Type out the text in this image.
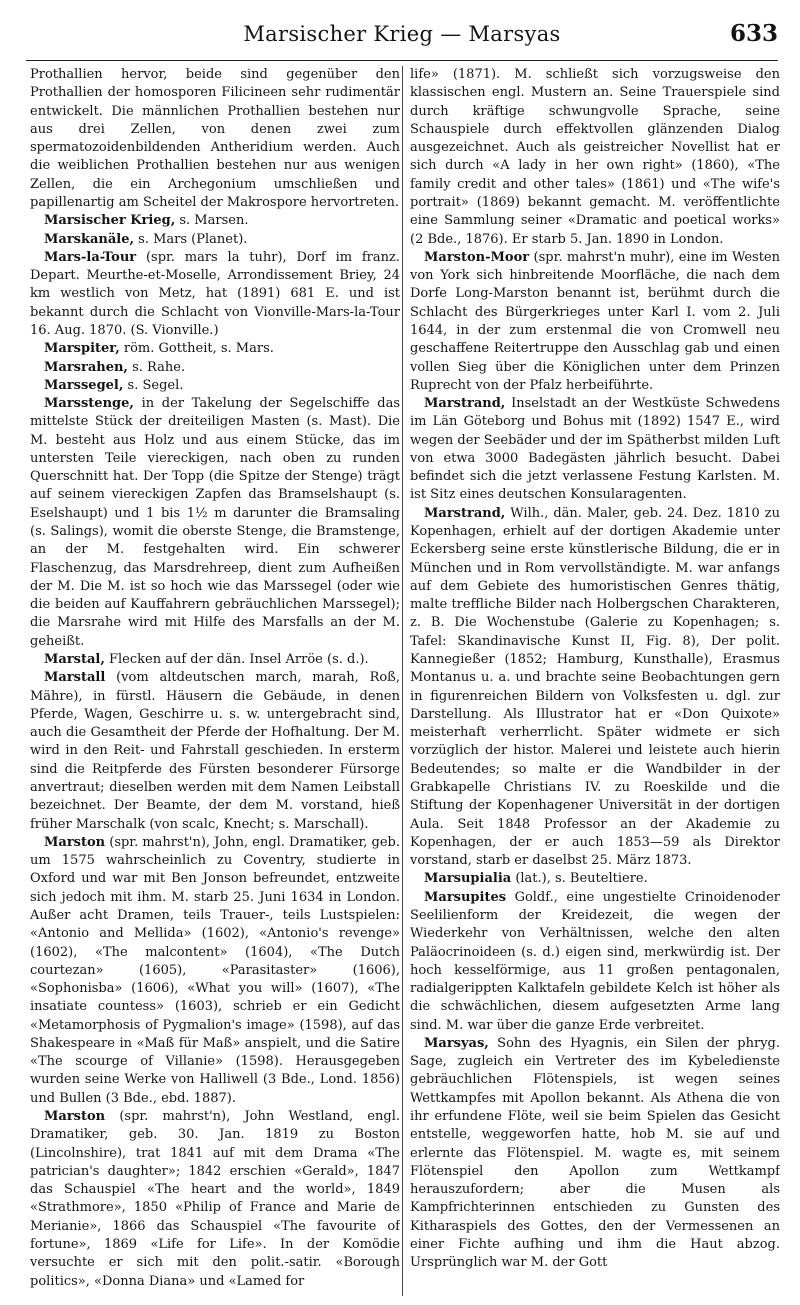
Marsischer Krieg — Marsyas	633

Prothallien hervor, beide sind gegenüber den Prothallien der homosporen Filicineen sehr rudimentär entwickelt. Die männlichen Prothallien bestehen nur aus drei Zellen, von denen zwei zum spermatozoidenbildenden Antheridium werden. Auch die weiblichen Prothallien bestehen nur aus wenigen Zellen, die ein Archegonium umschließen und papillenartig am Scheitel der Makrospore hervortreten.

Marsischer Krieg, s. Marsen.

Marskanäle, s. Mars (Planet).

Mars-la-Tour (spr. mars la tuhr), Dorf im franz. Depart. Meurthe-et-Moselle, Arrondissement Briey, 24 km westlich von Metz, hat (1891) 681 E. und ist bekannt durch die Schlacht von Vionville-Mars-la-Tour 16. Aug. 1870. (S. Vionville.)

Marspiter, röm. Gottheit, s. Mars.

Marsrahen, s. Rahe.

Marssegel, s. Segel.

Marsstenge, in der Takelung der Segelschiffe das mittelste Stück der dreiteiligen Masten (s. Mast). Die M. besteht aus Holz und aus einem Stücke, das im untersten Teile viereckigen, nach oben zu runden Querschnitt hat. Der Topp (die Spitze der Stenge) trägt auf seinem viereckigen Zapfen das Bramselshaupt (s. Eselshaupt) und 1 bis 1½ m darunter die Bramsaling (s. Salings), womit die oberste Stenge, die Bramstenge, an der M. festgehalten wird. Ein schwerer Flaschenzug, das Marsdrehreep, dient zum Aufheißen der M. Die M. ist so hoch wie das Marssegel (oder wie die beiden auf Kauffahrern gebräuchlichen Marssegel); die Marsrahe wird mit Hilfe des Marsfalls an der M. geheißt.

Marstal, Flecken auf der dän. Insel Arröe (s. d.).

Marstall (vom altdeutschen march, marah, Roß, Mähre), in fürstl. Häusern die Gebäude, in denen Pferde, Wagen, Geschirre u. s. w. untergebracht sind, auch die Gesamtheit der Pferde der Hofhaltung. Der M. wird in den Reit- und Fahrstall geschieden. In ersterm sind die Reitpferde des Fürsten besonderer Fürsorge anvertraut; dieselben werden mit dem Namen Leibstall bezeichnet. Der Beamte, der dem M. vorstand, hieß früher Marschalk (von scalc, Knecht; s. Marschall).

Marston (spr. mahrst'n), John, engl. Dramatiker, geb. um 1575 wahrscheinlich zu Coventry, studierte in Oxford und war mit Ben Jonson befreundet, entzweite sich jedoch mit ihm. M. starb 25. Juni 1634 in London. Außer acht Dramen, teils Trauer-, teils Lustspielen: «Antonio and Mellida» (1602), «Antonio's revenge» (1602), «The malcontent» (1604), «The Dutch courtezan» (1605), «Parasitaster» (1606), «Sophonisba» (1606), «What you will» (1607), «The insatiate countess» (1603), schrieb er ein Gedicht «Metamorphosis of Pygmalion's image» (1598), auf das Shakespeare in «Maß für Maß» anspielt, und die Satire «The scourge of Villanie» (1598). Herausgegeben wurden seine Werke von Halliwell (3 Bde., Lond. 1856) und Bullen (3 Bde., ebd. 1887).

Marston (spr. mahrst'n), John Westland, engl. Dramatiker, geb. 30. Jan. 1819 zu Boston (Lincolnshire), trat 1841 auf mit dem Drama «The patrician's daughter»; 1842 erschien «Gerald», 1847 das Schauspiel «The heart and the world», 1849 «Strathmore», 1850 «Philip of France and Marie de Merianie», 1866 das Schauspiel «The favourite of fortune», 1869 «Life for Life». In der Komödie versuchte er sich mit den polit.-satir. «Borough politics», «Donna Diana» und «Lamed for

life» (1871). M. schließt sich vorzugsweise den klassischen engl. Mustern an. Seine Trauerspiele sind durch kräftige schwungvolle Sprache, seine Schauspiele durch effektvollen glänzenden Dialog ausgezeichnet. Auch als geistreicher Novellist hat er sich durch «A lady in her own right» (1860), «The family credit and other tales» (1861) und «The wife's portrait» (1869) bekannt gemacht. M. veröffentlichte eine Sammlung seiner «Dramatic and poetical works» (2 Bde., 1876). Er starb 5. Jan. 1890 in London.

Marston-Moor (spr. mahrst'n muhr), eine im Westen von York sich hinbreitende Moorfläche, die nach dem Dorfe Long-Marston benannt ist, berühmt durch die Schlacht des Bürgerkrieges unter Karl I. vom 2. Juli 1644, in der zum erstenmal die von Cromwell neu geschaffene Reitertruppe den Ausschlag gab und einen vollen Sieg über die Königlichen unter dem Prinzen Ruprecht von der Pfalz herbeiführte.

Marstrand, Inselstadt an der Westküste Schwedens im Län Göteborg und Bohus mit (1892) 1547 E., wird wegen der Seebäder und der im Spätherbst milden Luft von etwa 3000 Badegästen jährlich besucht. Dabei befindet sich die jetzt verlassene Festung Karlsten. M. ist Sitz eines deutschen Konsularagenten.

Marstrand, Wilh., dän. Maler, geb. 24. Dez. 1810 zu Kopenhagen, erhielt auf der dortigen Akademie unter Eckersberg seine erste künstlerische Bildung, die er in München und in Rom vervollständigte. M. war anfangs auf dem Gebiete des humoristischen Genres thätig, malte treffliche Bilder nach Holbergschen Charakteren, z. B. Die Wochenstube (Galerie zu Kopenhagen; s. Tafel: Skandinavische Kunst II, Fig. 8), Der polit. Kannegießer (1852; Hamburg, Kunsthalle), Erasmus Montanus u. a. und brachte seine Beobachtungen gern in figurenreichen Bildern von Volksfesten u. dgl. zur Darstellung. Als Illustrator hat er «Don Quixote» meisterhaft verherrlicht. Später widmete er sich vorzüglich der histor. Malerei und leistete auch hierin Bedeutendes; so malte er die Wandbilder in der Grabkapelle Christians IV. zu Roeskilde und die Stiftung der Kopenhagener Universität in der dortigen Aula. Seit 1848 Professor an der Akademie zu Kopenhagen, der er auch 1853—59 als Direktor vorstand, starb er daselbst 25. März 1873.

Marsupialia (lat.), s. Beuteltiere.

Marsupites Goldf., eine ungestielte Crinoidenoder Seelilienform der Kreidezeit, die wegen der Wiederkehr von Verhältnissen, welche den alten Paläocrinoideen (s. d.) eigen sind, merkwürdig ist. Der hoch kesselförmige, aus 11 großen pentagonalen, radialgerippten Kalktafeln gebildete Kelch ist höher als die schwächlichen, diesem aufgesetzten Arme lang sind. M. war über die ganze Erde verbreitet.

Marsyas, Sohn des Hyagnis, ein Silen der phryg. Sage, zugleich ein Vertreter des im Kybeledienste gebräuchlichen Flötenspiels, ist wegen seines Wettkampfes mit Apollon bekannt. Als Athena die von ihr erfundene Flöte, weil sie beim Spielen das Gesicht entstelle, weggeworfen hatte, hob M. sie auf und erlernte das Flötenspiel. M. wagte es, mit seinem Flötenspiel den Apollon zum Wettkampf herauszufordern; aber die Musen als Kampfrichterinnen entschieden zu Gunsten des Kitharaspiels des Gottes, den der Vermessenen an einer Fichte aufhing und ihm die Haut abzog. Ursprünglich war M. der Gott
